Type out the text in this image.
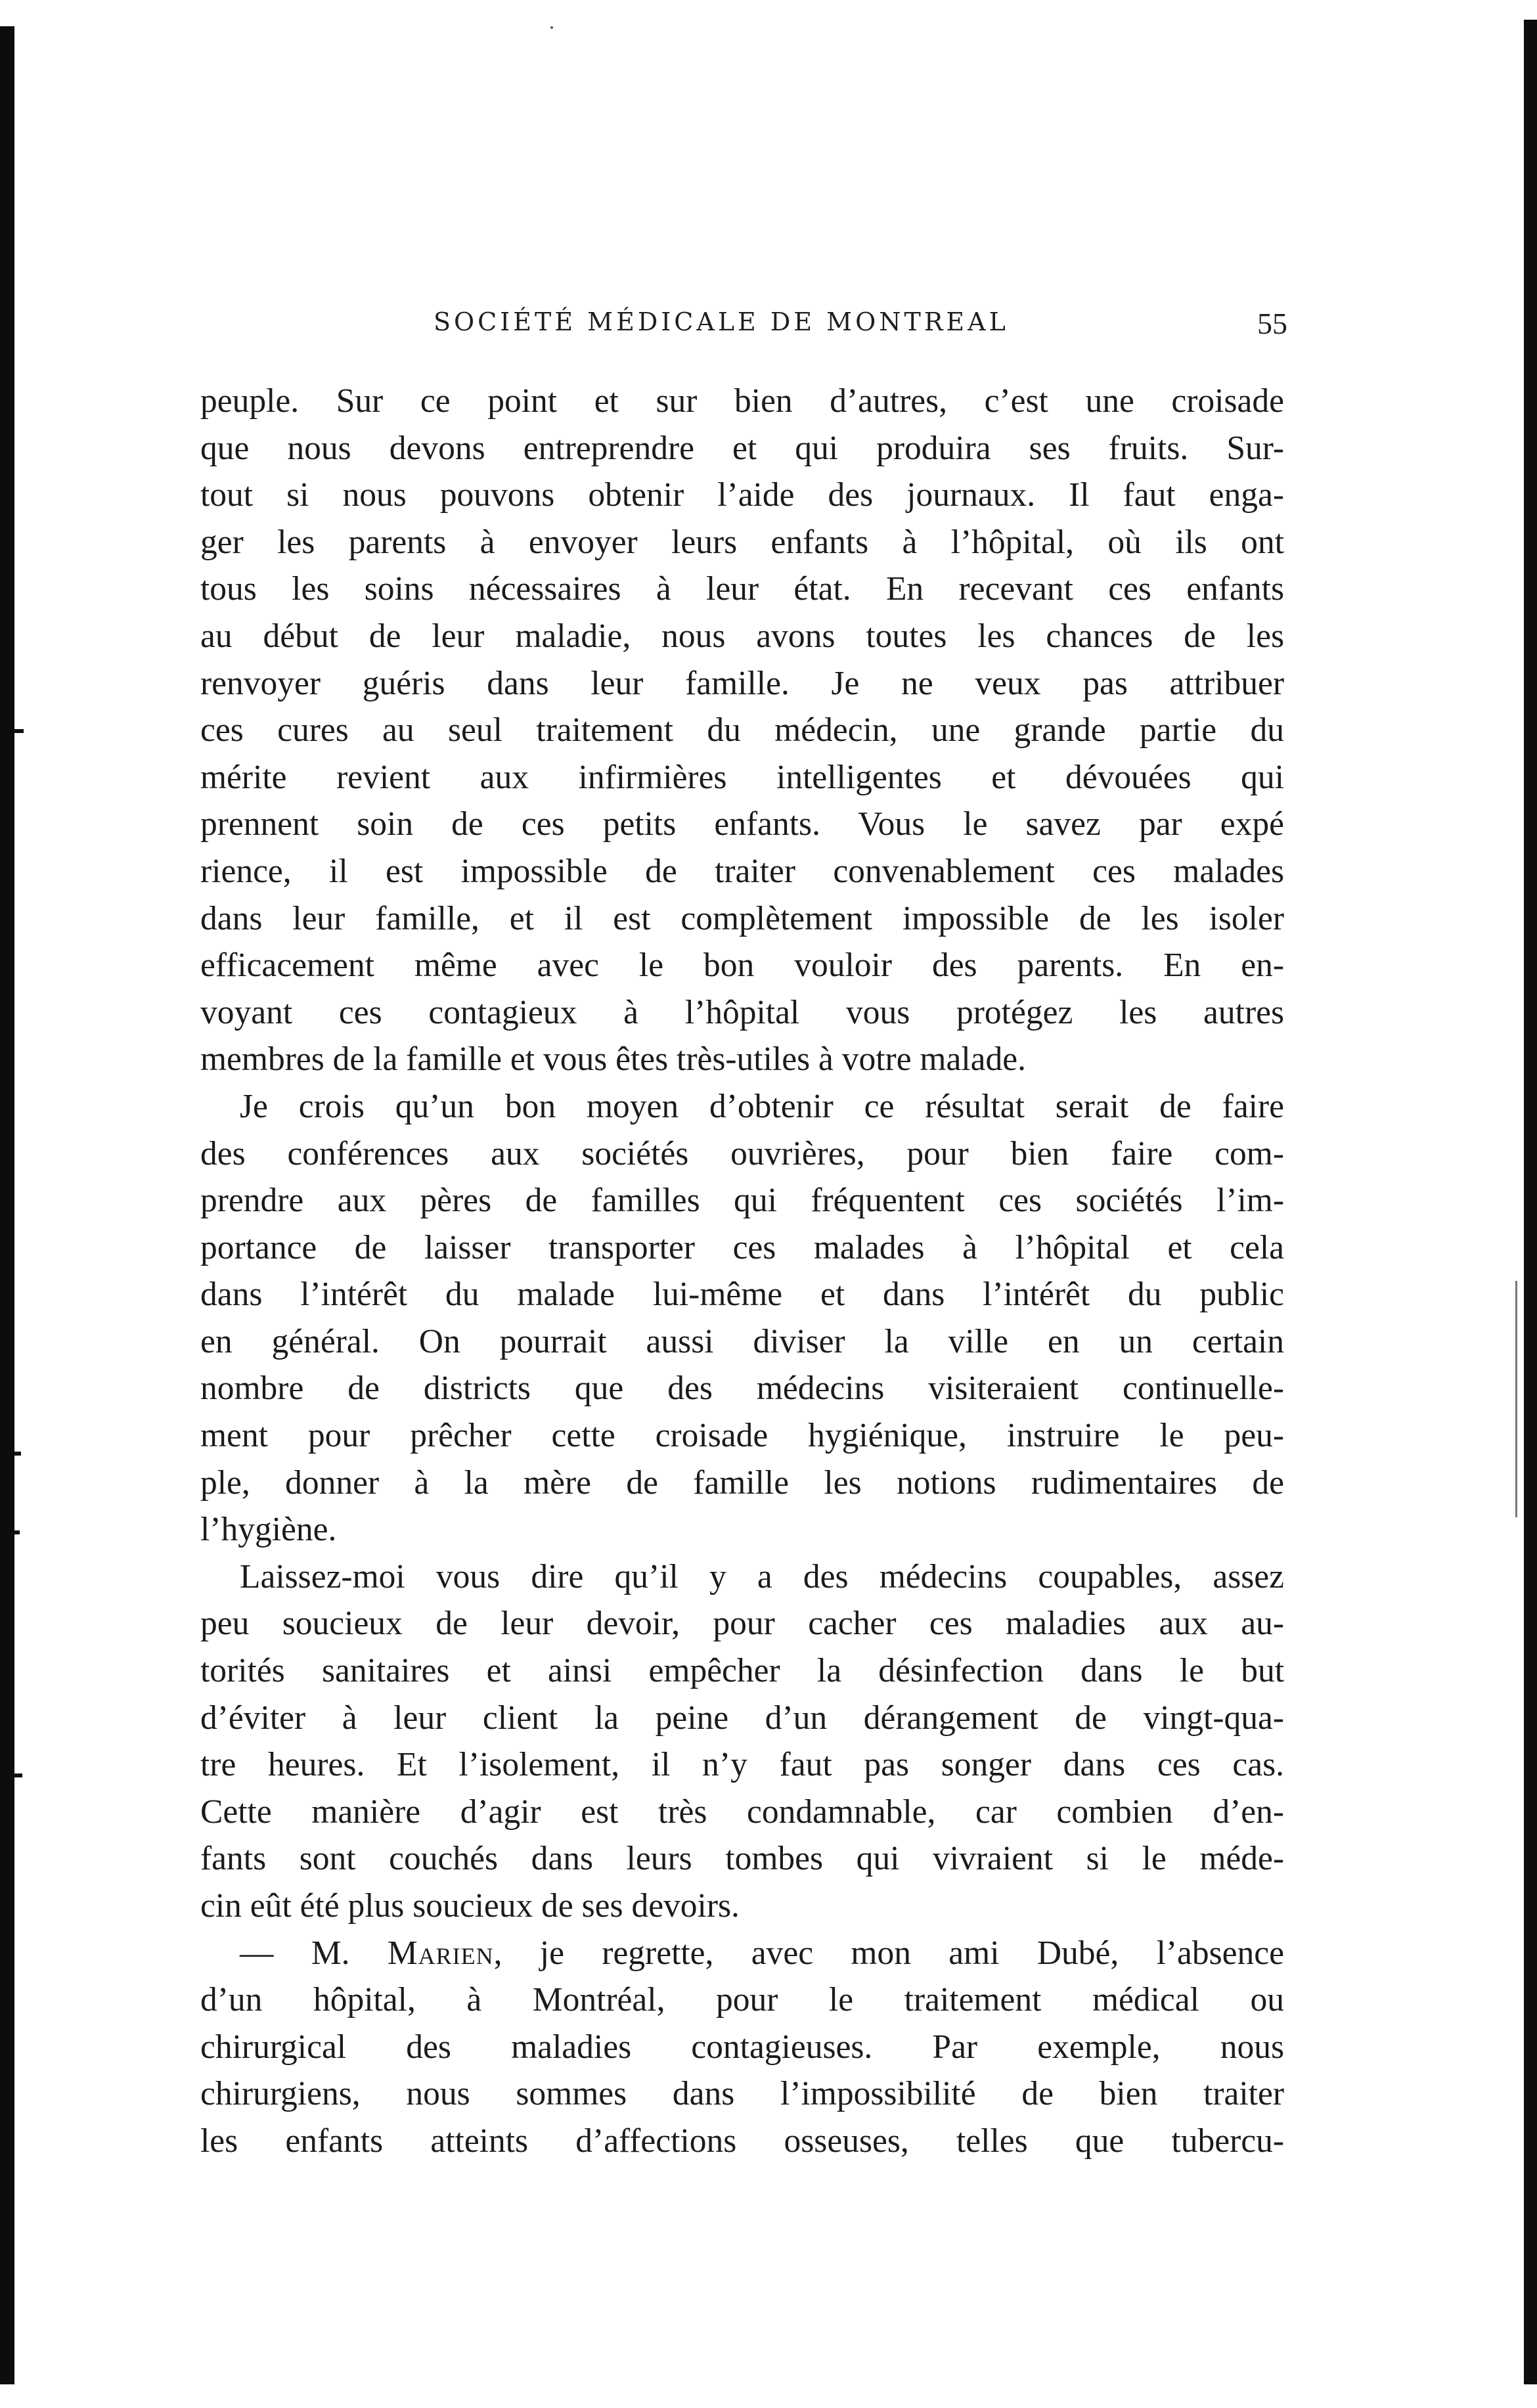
SOCIÉTÉ MÉDICALE DE MONTREAL	55
peuple. Sur ce point et sur bien d’autres, c’est une croisade
que nous devons entreprendre et qui produira ses fruits. Sur-
tout si nous pouvons obtenir l’aide des journaux. Il faut enga-
ger les parents à envoyer leurs enfants à l’hôpital, où ils ont
tous les soins nécessaires à leur état. En recevant ces enfants
au début de leur maladie, nous avons toutes les chances de les
renvoyer guéris dans leur famille. Je ne veux pas attribuer
ces cures au seul traitement du médecin, une grande partie du
mérite revient aux infirmières intelligentes et dévouées qui
prennent soin de ces petits enfants. Vous le savez par expé
rience, il est impossible de traiter convenablement ces malades
dans leur famille, et il est complètement impossible de les isoler
efficacement même avec le bon vouloir des parents. En en-
voyant ces contagieux à l’hôpital vous protégez les autres
membres de la famille et vous êtes très-utiles à votre malade.
Je crois qu’un bon moyen d’obtenir ce résultat serait de faire
des conférences aux sociétés ouvrières, pour bien faire com-
prendre aux pères de familles qui fréquentent ces sociétés l’im-
portance de laisser transporter ces malades à l’hôpital et cela
dans l’intérêt du malade lui-même et dans l’intérêt du public
en général. On pourrait aussi diviser la ville en un certain
nombre de districts que des médecins visiteraient continuelle-
ment pour prêcher cette croisade hygiénique, instruire le peu-
ple, donner à la mère de famille les notions rudimentaires de
l’hygiène.
Laissez-moi vous dire qu’il y a des médecins coupables, assez
peu soucieux de leur devoir, pour cacher ces maladies aux au-
torités sanitaires et ainsi empêcher la désinfection dans le but
d’éviter à leur client la peine d’un dérangement de vingt-qua-
tre heures. Et l’isolement, il n’y faut pas songer dans ces cas.
Cette manière d’agir est très condamnable, car combien d’en-
fants sont couchés dans leurs tombes qui vivraient si le méde-
cin eût été plus soucieux de ses devoirs.
— M. Marien, je regrette, avec mon ami Dubé, l’absence
d’un hôpital, à Montréal, pour le traitement médical ou
chirurgical des maladies contagieuses. Par exemple, nous
chirurgiens, nous sommes dans l’impossibilité de bien traiter
les enfants atteints d’affections osseuses, telles que tubercu-
